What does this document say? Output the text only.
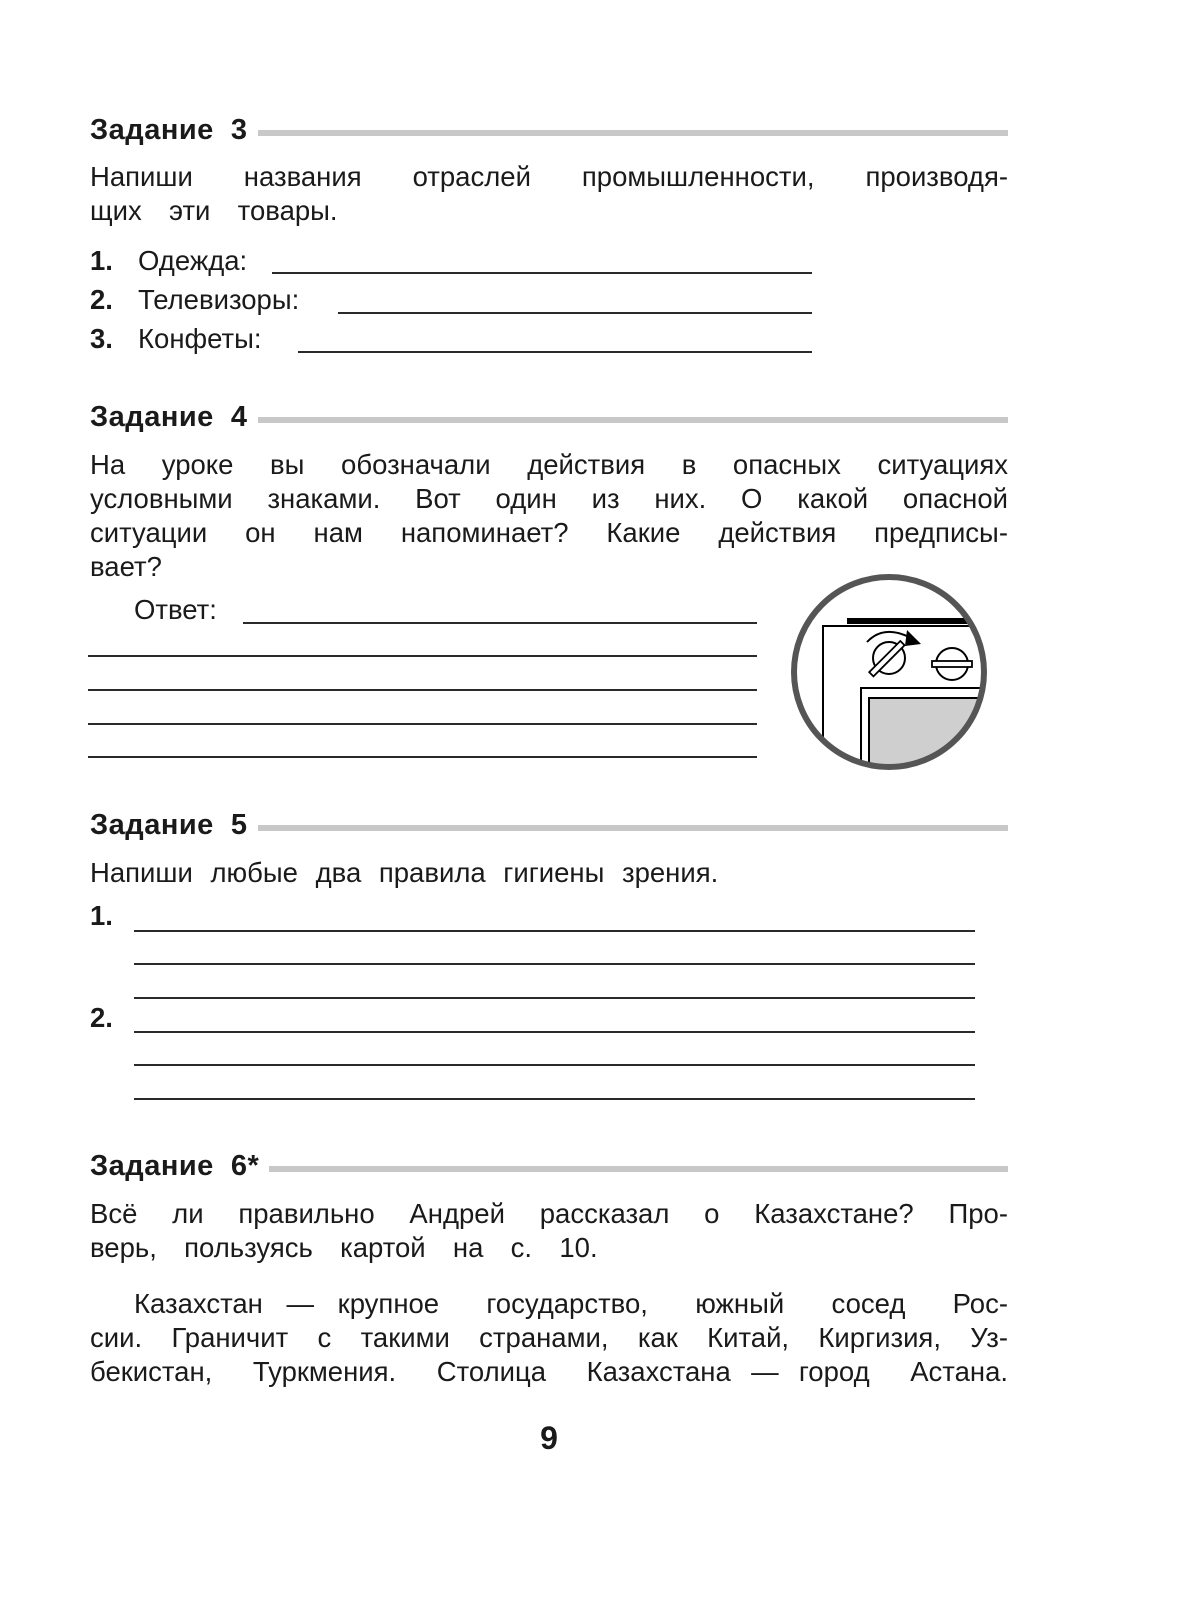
Задание  3
Напиши  названия  отраслей  промышленности,  производя-
щих  эти  товары.
1. Одежда:
2. Телевизоры:
3. Конфеты:
Задание  4
На  уроке  вы  обозначали  действия  в  опасных  ситуациях
условными  знаками.  Вот  один  из  них.  О  какой  опасной
ситуации  он  нам  напоминает?  Какие  действия  предписы-
вает?
Ответ:
Задание  5
Напиши любые два правила гигиены зрения.
1.
2.
Задание  6*
Всё  ли  правильно  Андрей  рассказал  о  Казахстане?  Про-
верь,  пользуясь  картой  на  с.  10.
Казахстан — крупное  государство,  южный  сосед  Рос-
сии. Граничит с такими странами, как Китай, Киргизия, Уз-
бекистан,  Туркмения.  Столица  Казахстана — город  Астана.
9
